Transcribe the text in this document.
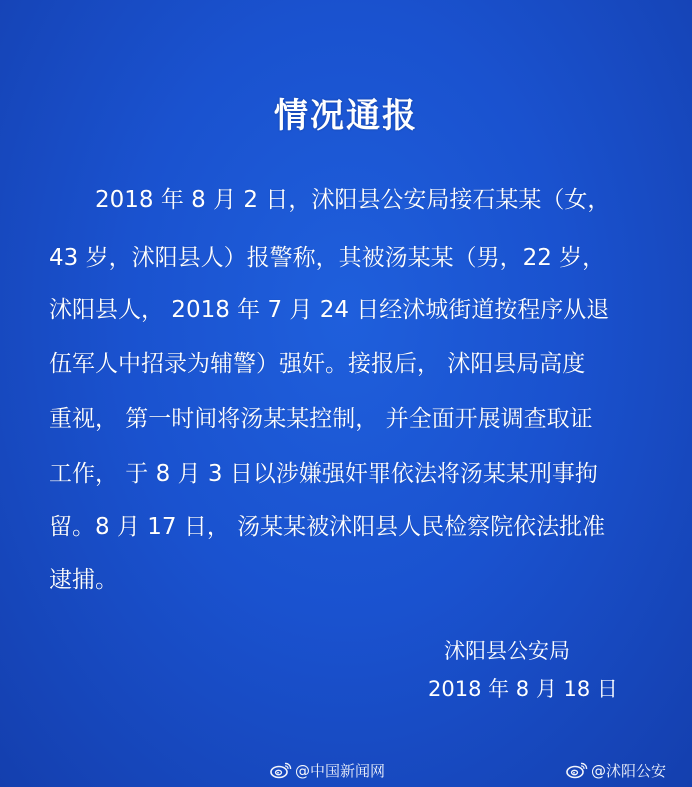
情况通报
2018 年 8 月 2 日，沭阳县公安局接石某某（女，
43 岁，沭阳县人）报警称，其被汤某某（男，22 岁，
沭阳县人， 2018 年 7 月 24 日经沭城街道按程序从退
伍军人中招录为辅警）强奸。接报后， 沭阳县局高度
重视， 第一时间将汤某某控制， 并全面开展调查取证
工作， 于 8 月 3 日以涉嫌强奸罪依法将汤某某刑事拘
留。8 月 17 日， 汤某某被沭阳县人民检察院依法批准
逮捕。
沭阳县公安局
2018 年 8 月 18 日
@中国新闻网	@沭阳公安
